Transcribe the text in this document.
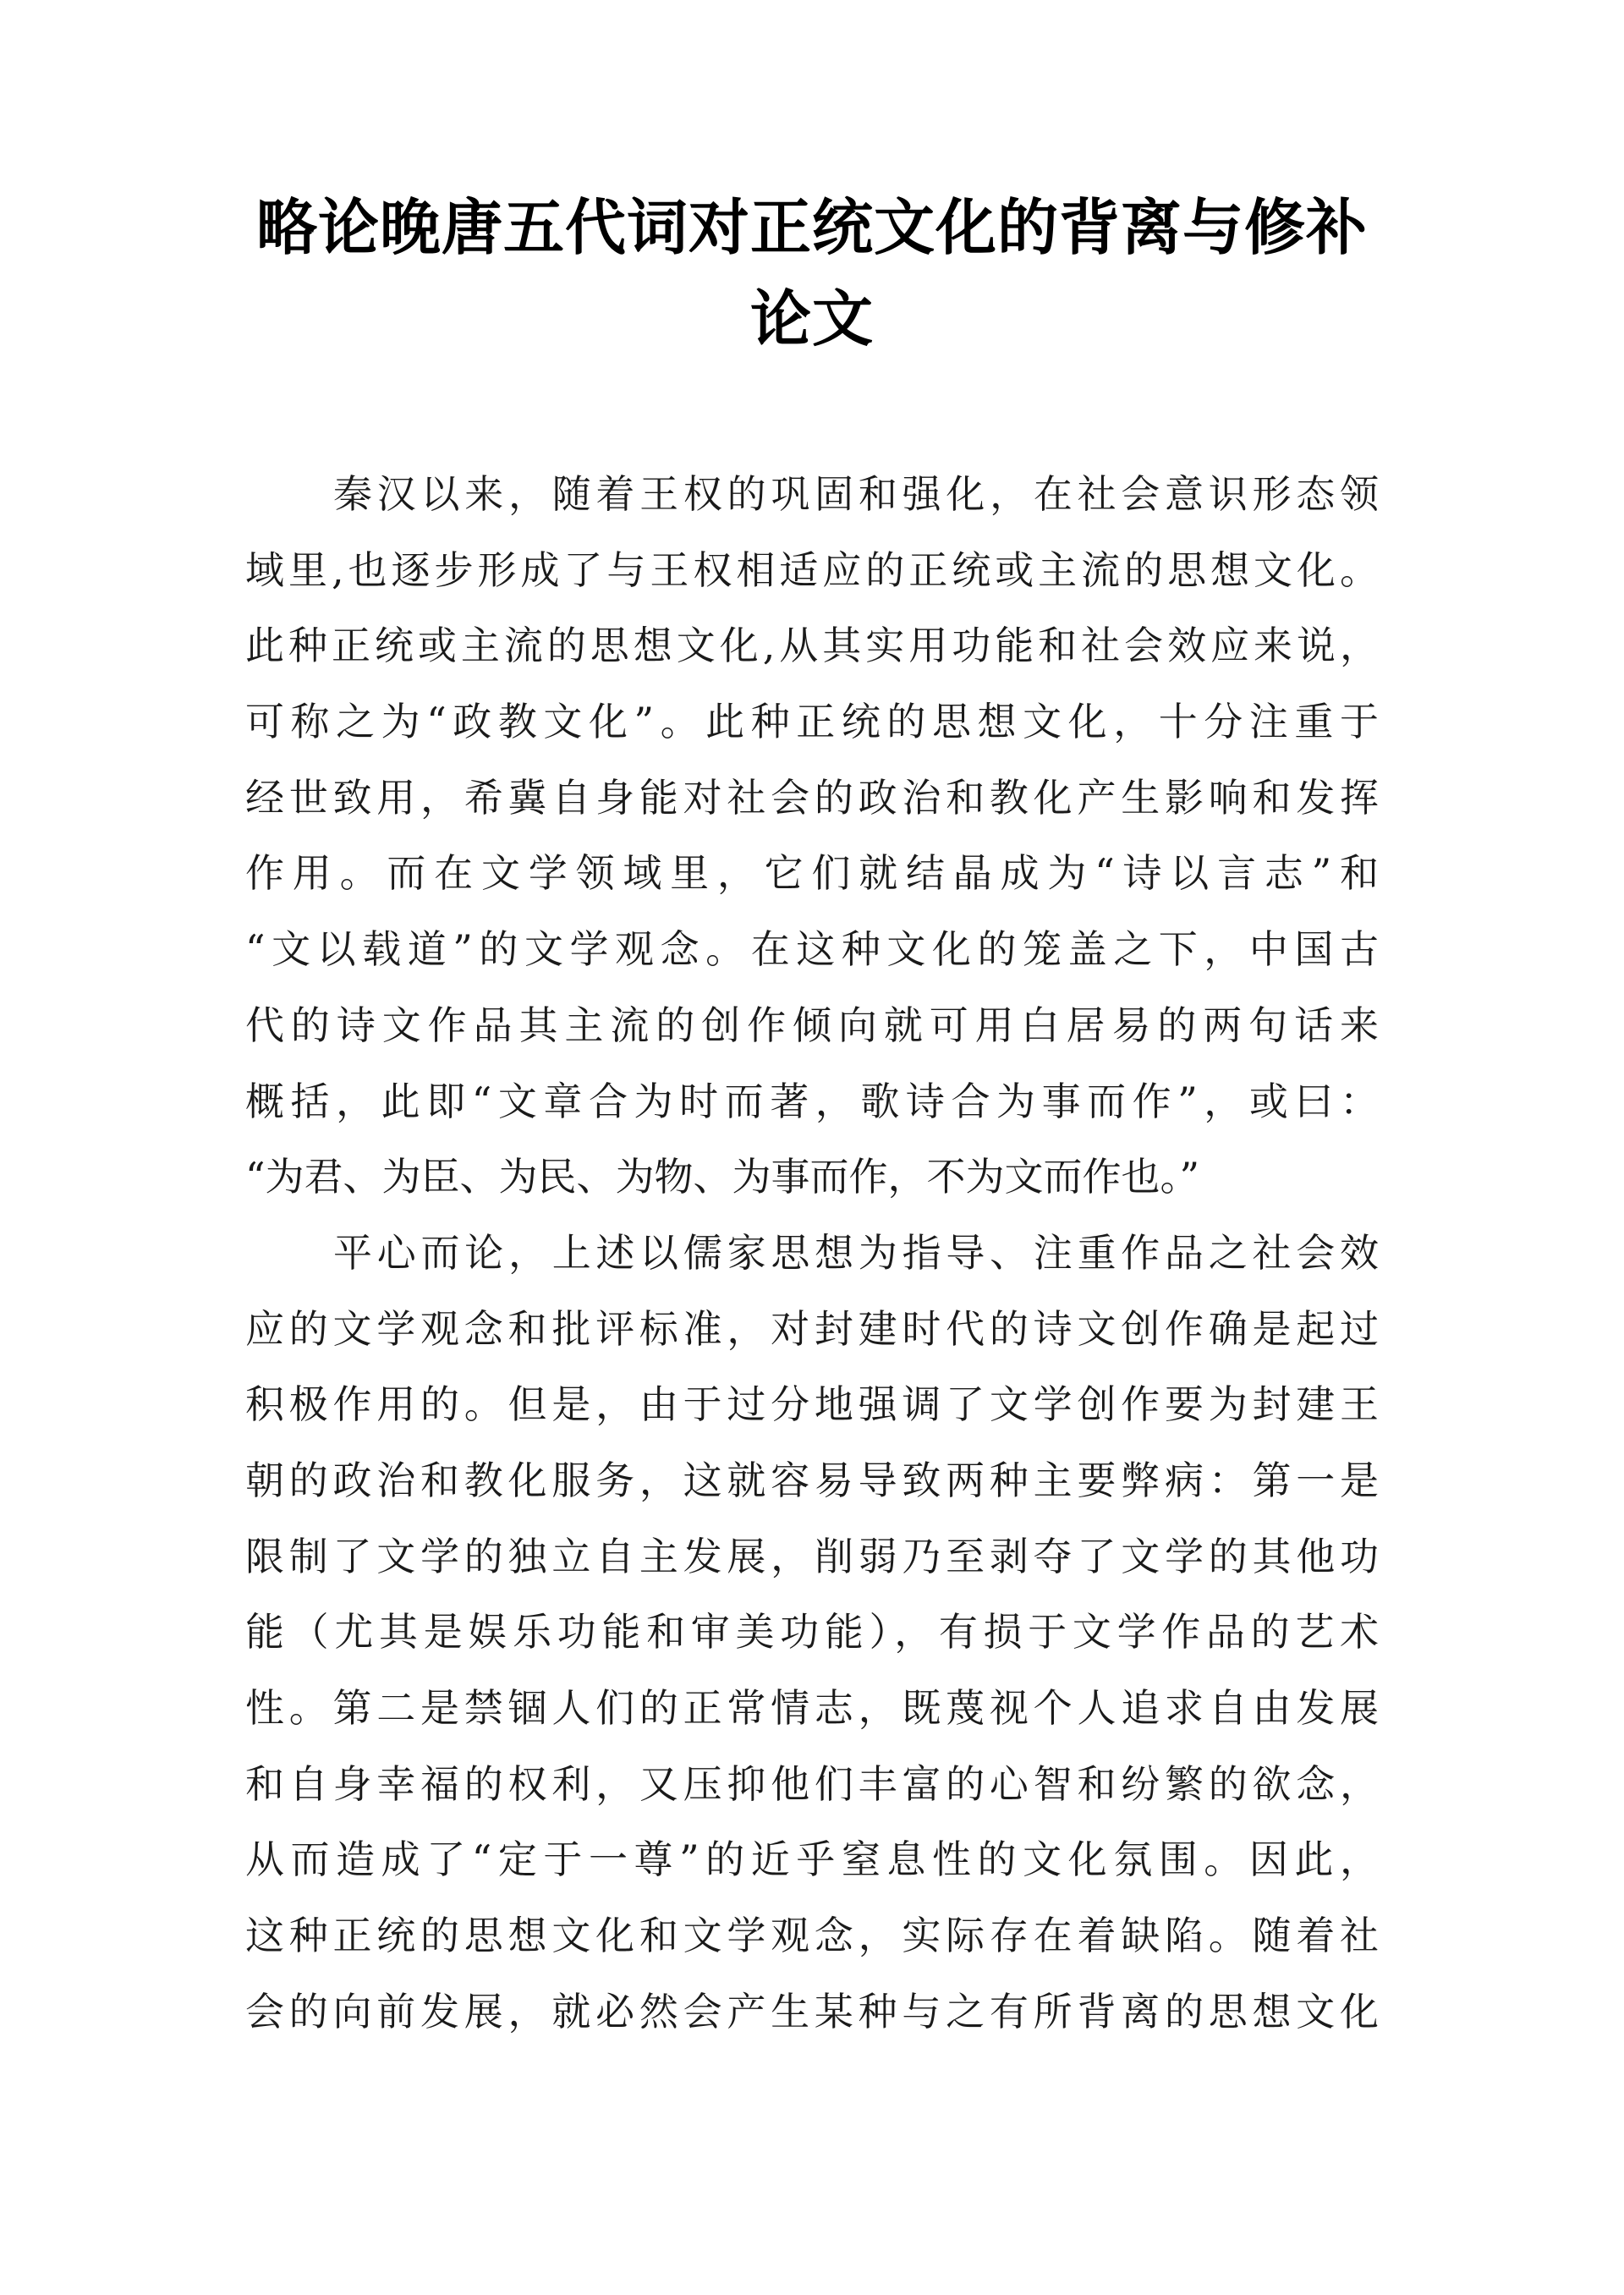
略论晚唐五代词对正统文化的背离与修补
论文
秦汉以来，随着王权的巩固和强化，在社会意识形态领
域里,也逐步形成了与王权相适应的正统或主流的思想文化。
此种正统或主流的思想文化,从其实用功能和社会效应来说，
可称之为“政教文化”。此种正统的思想文化，十分注重于
经世致用，希冀自身能对社会的政治和教化产生影响和发挥
作用。而在文学领域里，它们就结晶成为“诗以言志”和
“文以载道”的文学观念。在这种文化的笼盖之下，中国古
代的诗文作品其主流的创作倾向就可用白居易的两句话来
概括，此即“文章合为时而著，歌诗合为事而作”，或曰：
“为君、为臣、为民、为物、为事而作，不为文而作也。”
平心而论，上述以儒家思想为指导、注重作品之社会效
应的文学观念和批评标准，对封建时代的诗文创作确是起过
积极作用的。但是，由于过分地强调了文学创作要为封建王
朝的政治和教化服务，这就容易导致两种主要弊病：第一是
限制了文学的独立自主发展，削弱乃至剥夺了文学的其他功
能（尤其是娱乐功能和审美功能），有损于文学作品的艺术
性。第二是禁锢人们的正常情志，既蔑视个人追求自由发展
和自身幸福的权利，又压抑他们丰富的心智和纷繁的欲念，
从而造成了“定于一尊”的近乎窒息性的文化氛围。因此，
这种正统的思想文化和文学观念，实际存在着缺陷。随着社
会的向前发展，就必然会产生某种与之有所背离的思想文化
